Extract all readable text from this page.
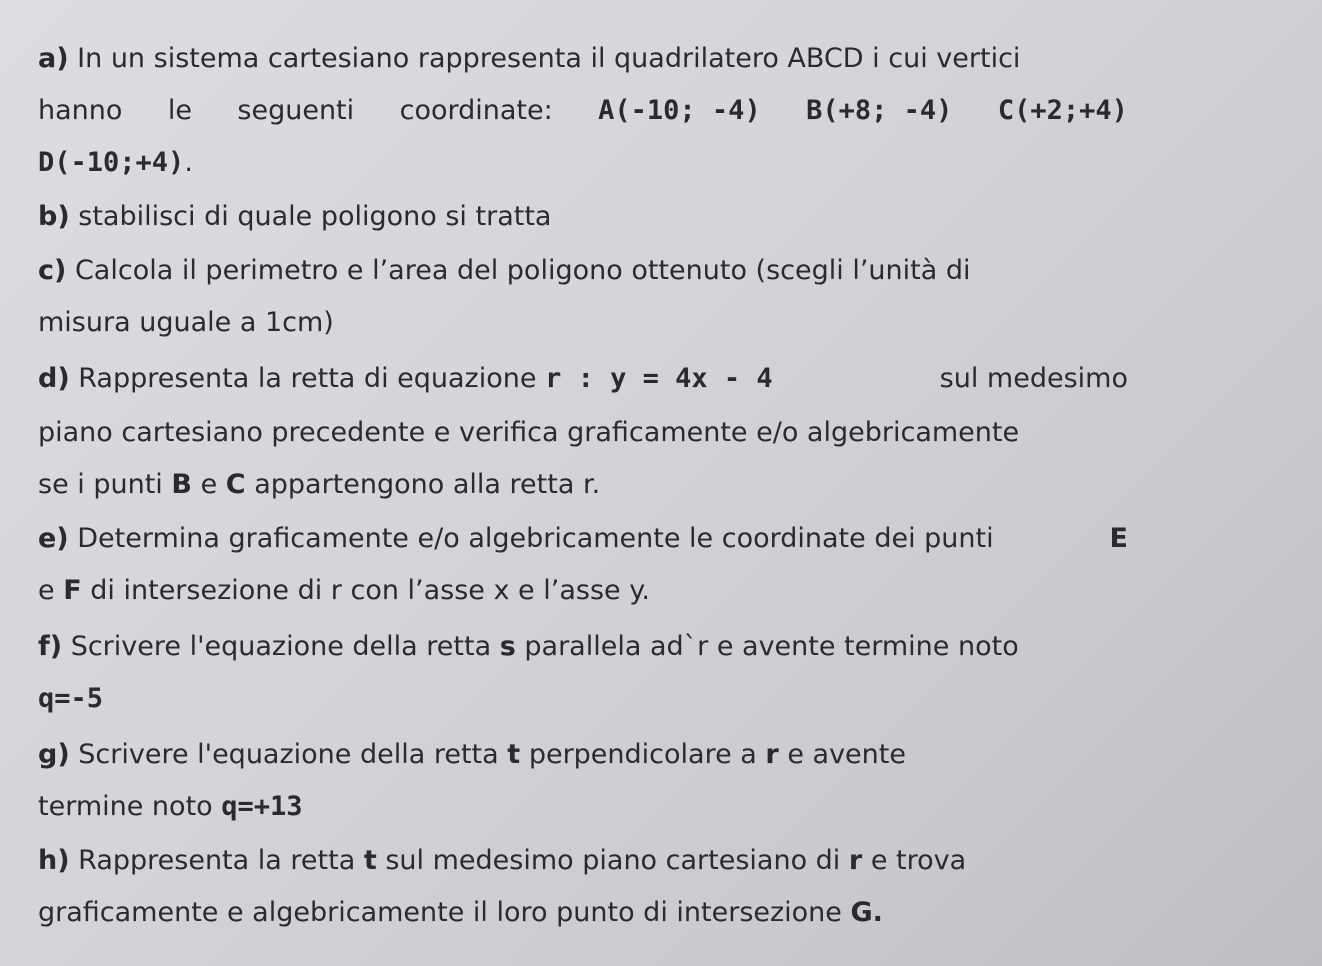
a) In un sistema cartesiano rappresenta il quadrilatero ABCD i cui vertici
hanno le seguenti coordinate: A(-10; -4) B(+8; -4) C(+2;+4)
D(-10;+4).
b) stabilisci di quale poligono si tratta
c) Calcola il perimetro e l’area del poligono ottenuto (scegli l’unità di
misura uguale a 1cm)
d) Rappresenta la retta di equazione r : y = 4x - 4	sul medesimo
piano cartesiano precedente e verifica graficamente e/o algebricamente
se i punti B e C appartengono alla retta r.
e) Determina graficamente e/o algebricamente le coordinate dei punti	E
e F di intersezione di r con l’asse x e l’asse y.
f) Scrivere l'equazione della retta s parallela ad`r e avente termine noto
q=-5
g) Scrivere l'equazione della retta t perpendicolare a r e avente
termine noto q=+13
h) Rappresenta la retta t sul medesimo piano cartesiano di r e trova
graficamente e algebricamente il loro punto di intersezione G.
